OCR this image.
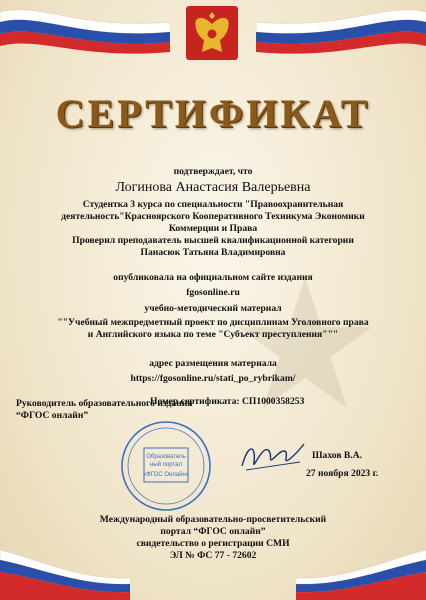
СЕРТИФИКАТ
подтверждает, что
Логинова Анастасия Валерьевна
Студентка 3 курса по специальности "Правоохранительная
деятельность"Красноярского Кооперативного Техникума Экономики
Коммерции и Права
Проверил преподаватель высшей квалификационной категории
Панасюк Татьяна Владимировна
опубликовала на официальном сайте издания
fgosonline.ru
учебно-методический материал
""Учебный межпредметный проект по дисциплинам Уголовного права
и Английского языка по теме "Субъект преступления"""
адрес размещения материала
https://fgosonline.ru/stati_po_rybrikam/
Номер сертификата: СП1000358253
Руководитель образовательного издания
“ФГОС онлайн”
Образователь
ный портал
«ФГОС Онлайн»
Шахов В.А.
27 ноября 2023 г.
Международный образовательно-просветительский
портал “ФГОС онлайн”
свидетельство о регистрации СМИ
ЭЛ № ФС 77 - 72602
